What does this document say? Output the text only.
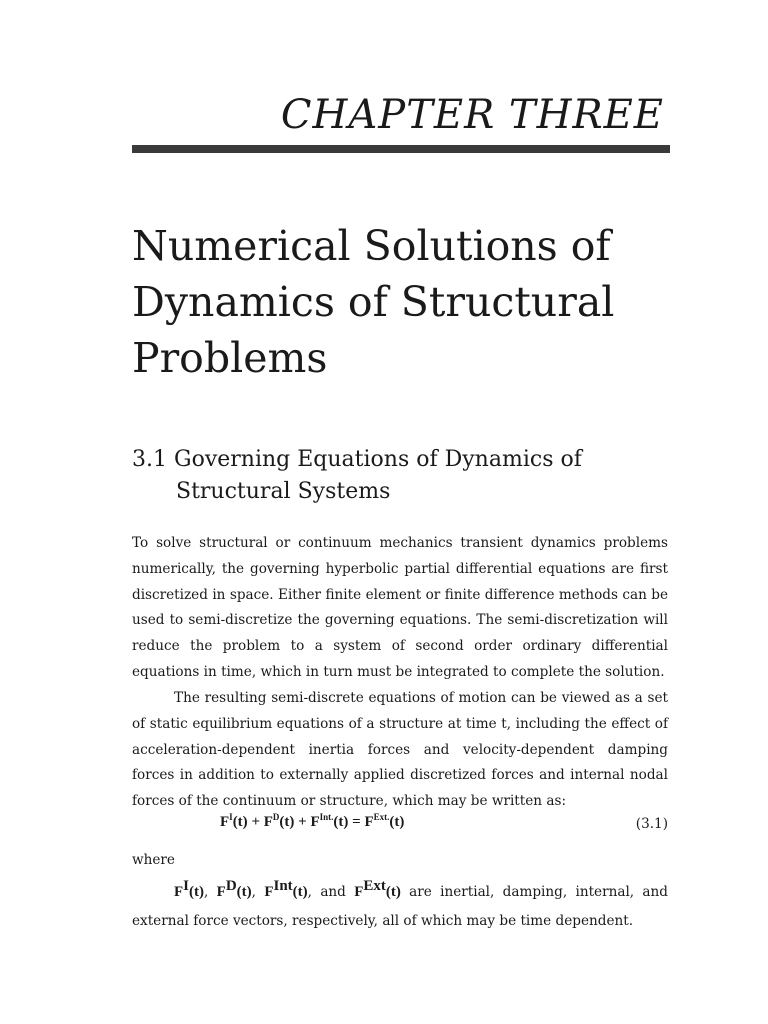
CHAPTER THREE
Numerical Solutions of
Dynamics of Structural
Problems
3.1 Governing Equations of Dynamics of
Structural Systems

To solve structural or continuum mechanics transient dynamics problems numerically, the governing hyperbolic partial differential equations are first discretized in space. Either finite element or finite difference methods can be used to semi-discretize the governing equations. The semi-discretization will reduce the problem to a system of second order ordinary differential equations in time, which in turn must be integrated to complete the solution.

The resulting semi-discrete equations of motion can be viewed as a set of static equilibrium equations of a structure at time t, including the effect of acceleration-dependent inertia forces and velocity-dependent damping forces in addition to externally applied discretized forces and internal nodal forces of the continuum or structure, which may be written as:

$F^I(t) + F^D(t) + F^{Int.}(t) = F^{Ext.}(t)$	(3.1)
where

$F^I(t)$, $F^D(t)$, $F^{Int}(t)$, and $F^{Ext}(t)$ are inertial, damping, internal, and
external force vectors, respectively, all of which may be time dependent.
